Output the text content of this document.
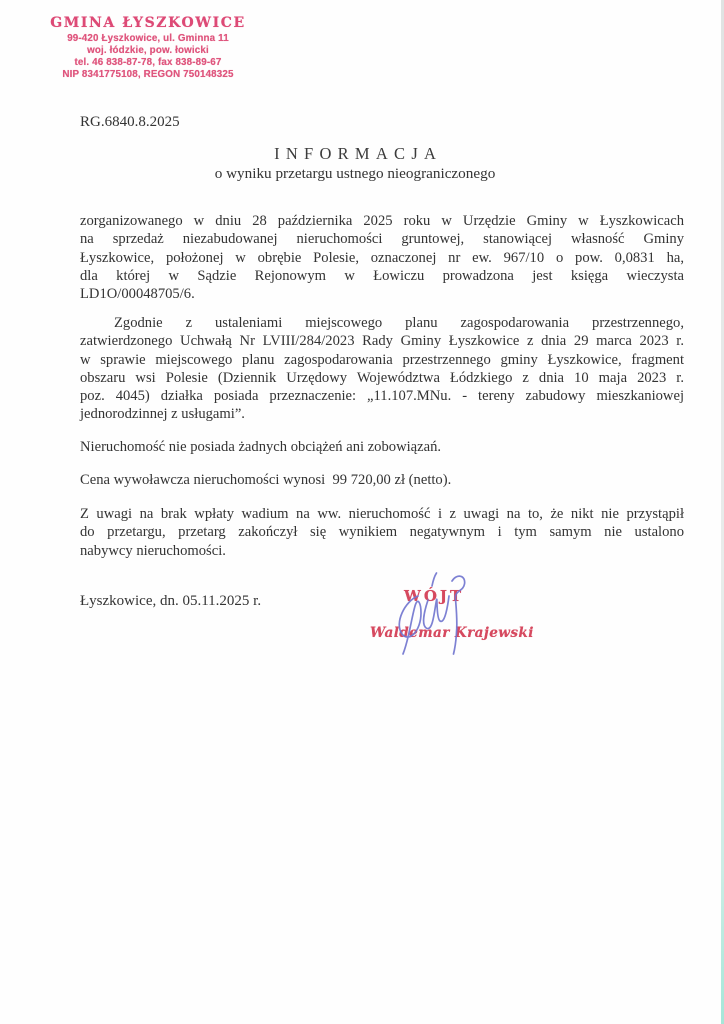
GMINA ŁYSZKOWICE
99-420 Łyszkowice, ul. Gminna 11
woj. łódzkie, pow. łowicki
tel. 46 838-87-78, fax 838-89-67
NIP 8341775108, REGON 750148325
RG.6840.8.2025
INFORMACJA
o wyniku przetargu ustnego nieograniczonego
zorganizowanego w dniu 28 października 2025 roku w Urzędzie Gminy w Łyszkowicach
na sprzedaż niezabudowanej nieruchomości gruntowej, stanowiącej własność Gminy
Łyszkowice, położonej w obrębie Polesie, oznaczonej nr ew. 967/10 o pow. 0,0831 ha,
dla której w Sądzie Rejonowym w Łowiczu prowadzona jest księga wieczysta
LD1O/00048705/6.
Zgodnie z ustaleniami miejscowego planu zagospodarowania przestrzennego,
zatwierdzonego Uchwałą Nr LVIII/284/2023 Rady Gminy Łyszkowice z dnia 29 marca 2023 r.
w sprawie miejscowego planu zagospodarowania przestrzennego gminy Łyszkowice, fragment
obszaru wsi Polesie (Dziennik Urzędowy Województwa Łódzkiego z dnia 10 maja 2023 r.
poz. 4045) działka posiada przeznaczenie: „11.107.MNu. - tereny zabudowy mieszkaniowej
jednorodzinnej z usługami”.
Nieruchomość nie posiada żadnych obciążeń ani zobowiązań.
Cena wywoławcza nieruchomości wynosi  99 720,00 zł (netto).
Z uwagi na brak wpłaty wadium na ww. nieruchomość i z uwagi na to, że nikt nie przystąpił
do przetargu, przetarg zakończył się wynikiem negatywnym i tym samym nie ustalono
nabywcy nieruchomości.
Łyszkowice, dn. 05.11.2025 r.	WÓJT
Waldemar Krajewski
